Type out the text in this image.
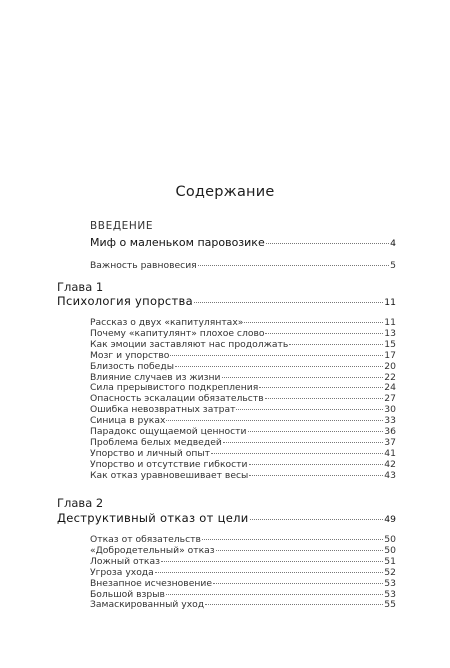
Содержание
ВВЕДЕНИЕ
Миф о маленьком паровозике	4
Важность равновесия	5
Глава 1
Психология упорства	11
Рассказ о двух «капитулянтах»	11
Почему «капитулянт» плохое слово	13
Как эмоции заставляют нас продолжать	15
Мозг и упорство	17
Близость победы	20
Влияние случаев из жизни	22
Сила прерывистого подкрепления	24
Опасность эскалации обязательств	27
Ошибка невозвратных затрат	30
Синица в руках	33
Парадокс ощущаемой ценности	36
Проблема белых медведей	37
Упорство и личный опыт	41
Упорство и отсутствие гибкости	42
Как отказ уравновешивает весы	43
Глава 2
Деструктивный отказ от цели	49
Отказ от обязательств	50
«Добродетельный» отказ	50
Ложный отказ	51
Угроза ухода	52
Внезапное исчезновение	53
Большой взрыв	53
Замаскированный уход	55
